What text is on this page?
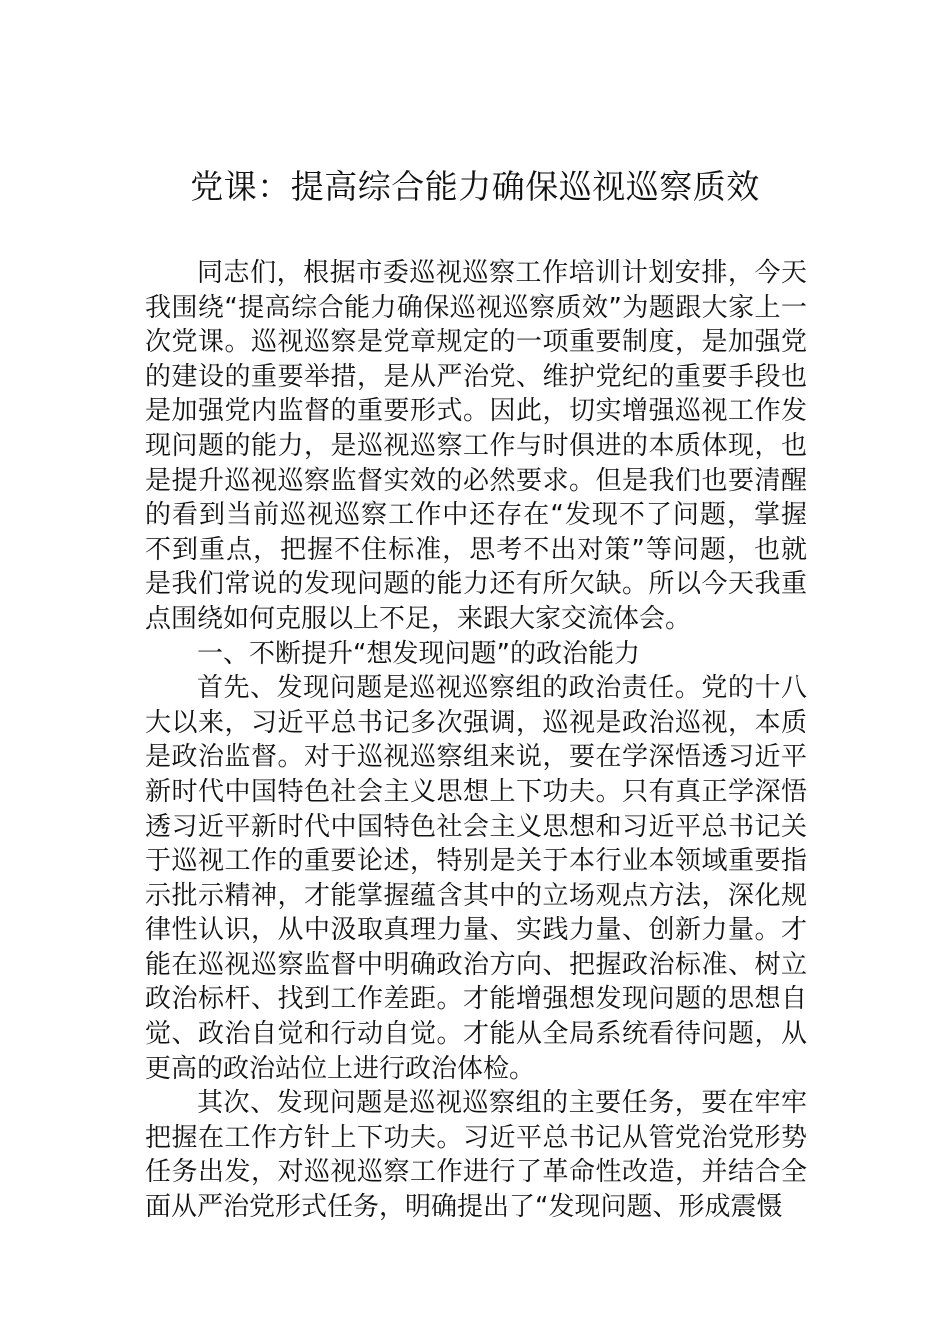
党课：提高综合能力确保巡视巡察质效

同志们，根据市委巡视巡察工作培训计划安排，今天我围绕“提高综合能力确保巡视巡察质效”为题跟大家上一次党课。巡视巡察是党章规定的一项重要制度，是加强党的建设的重要举措，是从严治党、维护党纪的重要手段也是加强党内监督的重要形式。因此，切实增强巡视工作发现问题的能力，是巡视巡察工作与时俱进的本质体现，也是提升巡视巡察监督实效的必然要求。但是我们也要清醒的看到当前巡视巡察工作中还存在“发现不了问题，掌握不到重点，把握不住标准，思考不出对策”等问题，也就是我们常说的发现问题的能力还有所欠缺。所以今天我重点围绕如何克服以上不足，来跟大家交流体会。

一、不断提升“想发现问题”的政治能力

首先、发现问题是巡视巡察组的政治责任。党的十八大以来，习近平总书记多次强调，巡视是政治巡视，本质是政治监督。对于巡视巡察组来说，要在学深悟透习近平新时代中国特色社会主义思想上下功夫。只有真正学深悟透习近平新时代中国特色社会主义思想和习近平总书记关于巡视工作的重要论述，特别是关于本行业本领域重要指示批示精神，才能掌握蕴含其中的立场观点方法，深化规律性认识，从中汲取真理力量、实践力量、创新力量。才能在巡视巡察监督中明确政治方向、把握政治标准、树立政治标杆、找到工作差距。才能增强想发现问题的思想自觉、政治自觉和行动自觉。才能从全局系统看待问题，从更高的政治站位上进行政治体检。

其次、发现问题是巡视巡察组的主要任务，要在牢牢把握在工作方针上下功夫。习近平总书记从管党治党形势任务出发，对巡视巡察工作进行了革命性改造，并结合全面从严治党形式任务，明确提出了“发现问题、形成震慑
